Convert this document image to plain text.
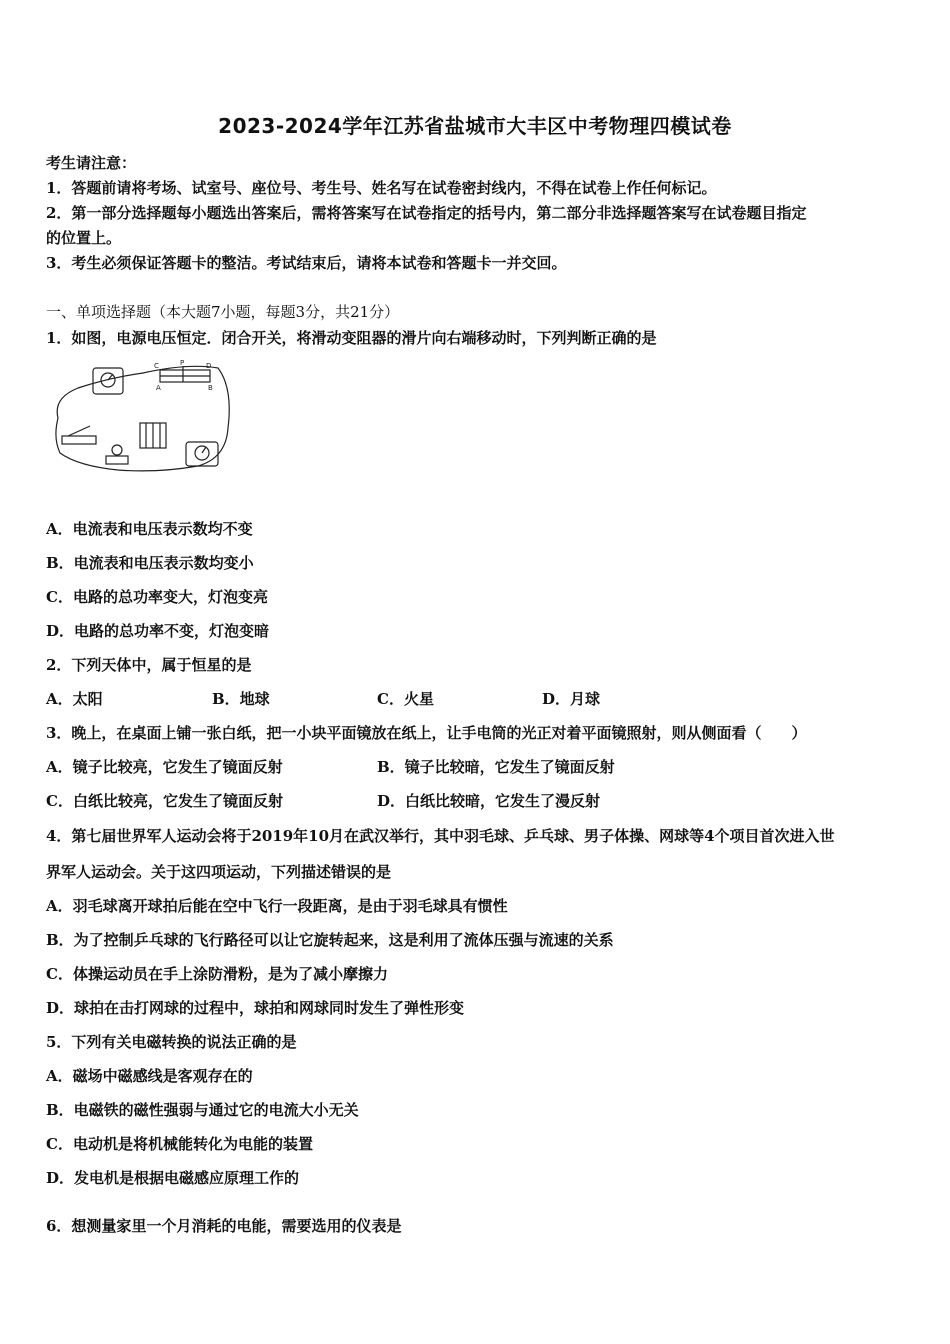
2023-2024学年江苏省盐城市大丰区中考物理四模试卷
考生请注意：
1．答题前请将考场、试室号、座位号、考生号、姓名写在试卷密封线内，不得在试卷上作任何标记。
2．第一部分选择题每小题选出答案后，需将答案写在试卷指定的括号内，第二部分非选择题答案写在试卷题目指定
的位置上。
3．考生必须保证答题卡的整洁。考试结束后，请将本试卷和答题卡一并交回。
一、单项选择题（本大题7小题，每题3分，共21分）
1．如图，电源电压恒定．闭合开关，将滑动变阻器的滑片向右端移动时，下列判断正确的是
C	P	D
A	B
A．电流表和电压表示数均不变
B．电流表和电压表示数均变小
C．电路的总功率变大，灯泡变亮
D．电路的总功率不变，灯泡变暗
2．下列天体中，属于恒星的是
A．太阳	B．地球	C．火星	D．月球
3．晚上，在桌面上铺一张白纸，把一小块平面镜放在纸上，让手电筒的光正对着平面镜照射，则从侧面看（　　）
A．镜子比较亮，它发生了镜面反射	B．镜子比较暗，它发生了镜面反射
C．白纸比较亮，它发生了镜面反射	D．白纸比较暗，它发生了漫反射
4．第七届世界军人运动会将于2019年10月在武汉举行，其中羽毛球、乒乓球、男子体操、网球等4个项目首次进入世
界军人运动会。关于这四项运动，下列描述错误的是
A．羽毛球离开球拍后能在空中飞行一段距离，是由于羽毛球具有惯性
B．为了控制乒乓球的飞行路径可以让它旋转起来，这是利用了流体压强与流速的关系
C．体操运动员在手上涂防滑粉，是为了减小摩擦力
D．球拍在击打网球的过程中，球拍和网球同时发生了弹性形变
5．下列有关电磁转换的说法正确的是
A．磁场中磁感线是客观存在的
B．电磁铁的磁性强弱与通过它的电流大小无关
C．电动机是将机械能转化为电能的装置
D．发电机是根据电磁感应原理工作的
6．想测量家里一个月消耗的电能，需要选用的仪表是
